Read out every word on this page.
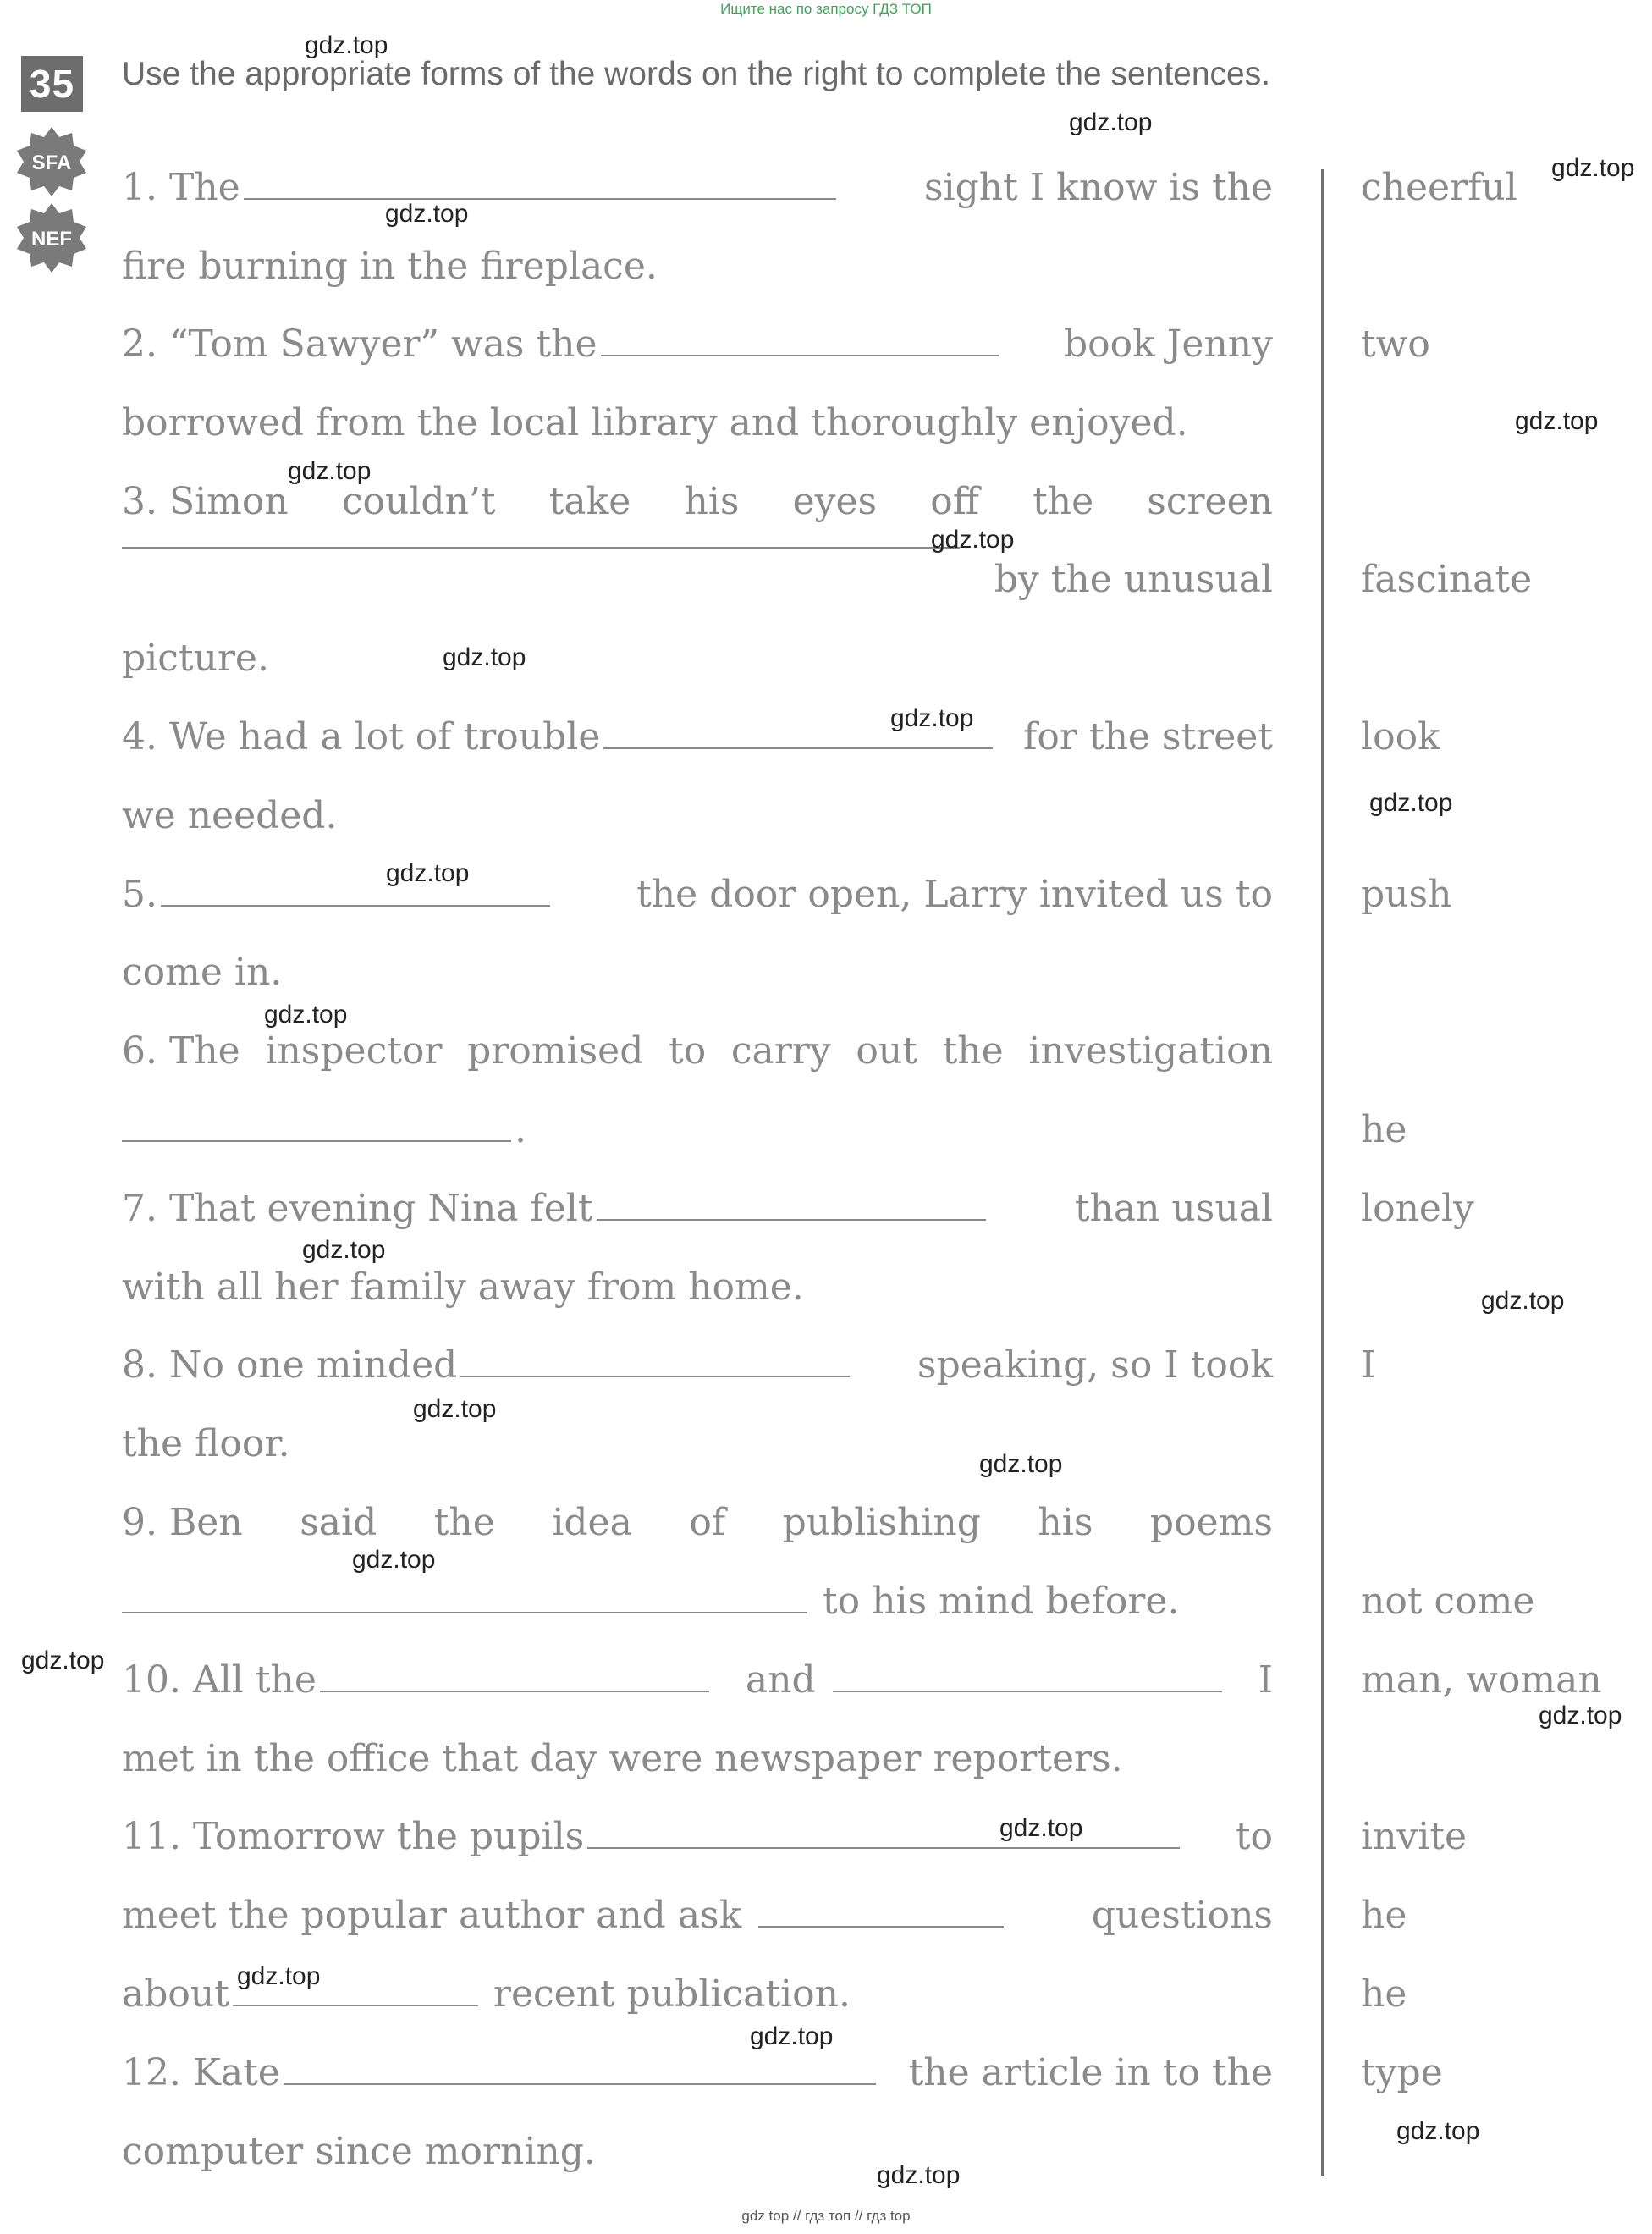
Ищите нас по запросу ГДЗ ТОП
35
SFA
NEF
Use the appropriate forms of the words on the right to complete the sentences.
1. The	sight I know is the
fire burning in the fireplace.
2. “Tom Sawyer” was the	book Jenny
borrowed from the local library and thoroughly enjoyed.
3. Simon couldn’t take his eyes off the screen
by the unusual
picture.
4. We had a lot of trouble	for the street
we needed.
5.	the door open, Larry invited us to
come in.
6. The inspector promised to carry out the investigation
.
7. That evening Nina felt	than usual
with all her family away from home.
8. No one minded	speaking, so I took
the floor.
9. Ben said the idea of publishing his poems
to his mind before.
10. All the	and	I
met in the office that day were newspaper reporters.
11. Tomorrow the pupils	to
meet the popular author and ask	questions
about	recent publication.
12. Kate	the article in to the
computer since morning.
cheerful
two
fascinate
look
push
he
lonely
I
not come
man, woman
invite
he
he
type
gdz.top
gdz.top
gdz.top
gdz.top
gdz.top
gdz.top
gdz.top
gdz.top
gdz.top
gdz.top
gdz.top
gdz.top
gdz.top
gdz.top
gdz.top
gdz.top
gdz.top
gdz.top
gdz.top
gdz.top
gdz.top
gdz.top
gdz.top
gdz.top
gdz top // гдз топ // гдз top
